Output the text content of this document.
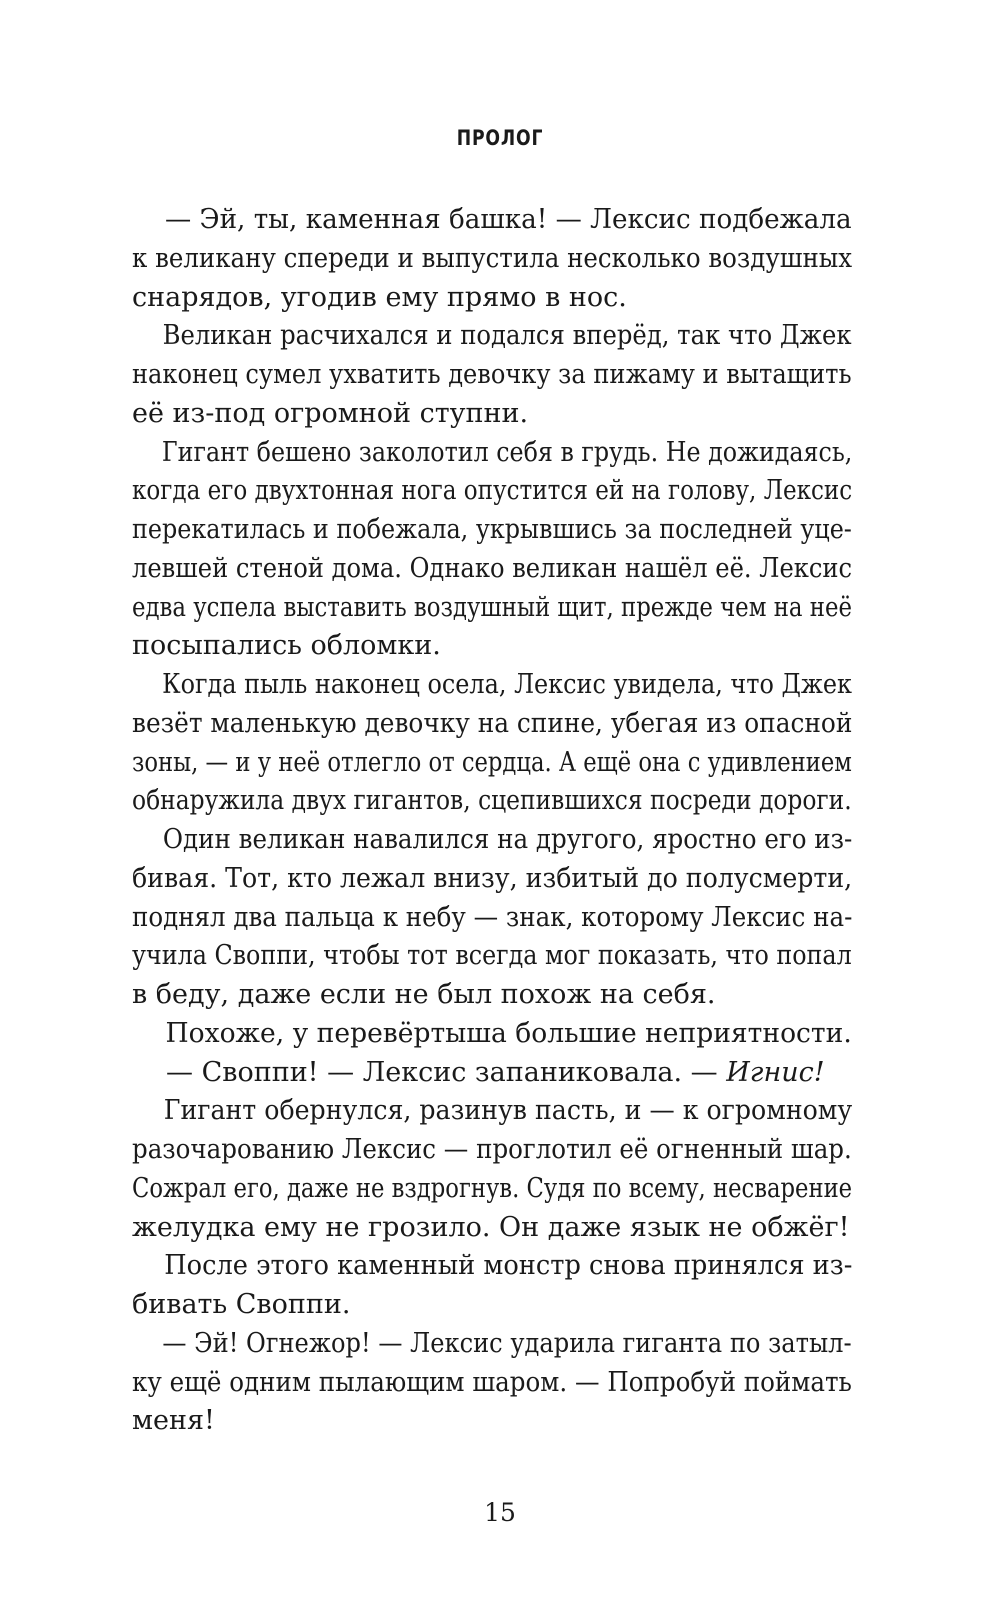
ПРОЛОГ
— Эй, ты, каменная башка! — Лексис подбежала
к великану спереди и выпустила несколько воздушных
снарядов, угодив ему прямо в нос.
Великан расчихался и подался вперёд, так что Джек
наконец сумел ухватить девочку за пижаму и вытащить
её из-под огромной ступни.
Гигант бешено заколотил себя в грудь. Не дожидаясь,
когда его двухтонная нога опустится ей на голову, Лексис
перекатилась и побежала, укрывшись за последней уце-
левшей стеной дома. Однако великан нашёл её. Лексис
едва успела выставить воздушный щит, прежде чем на неё
посыпались обломки.
Когда пыль наконец осела, Лексис увидела, что Джек
везёт маленькую девочку на спине, убегая из опасной
зоны, — и у неё отлегло от сердца. А ещё она с удивлением
обнаружила двух гигантов, сцепившихся посреди дороги.
Один великан навалился на другого, яростно его из-
бивая. Тот, кто лежал внизу, избитый до полусмерти,
поднял два пальца к небу — знак, которому Лексис на-
учила Своппи, чтобы тот всегда мог показать, что попал
в беду, даже если не был похож на себя.
Похоже, у перевёртыша большие неприятности.
— Своппи! — Лексис запаниковала. — Игнис!
Гигант обернулся, разинув пасть, и — к огромному
разочарованию Лексис — проглотил её огненный шар.
Сожрал его, даже не вздрогнув. Судя по всему, несварение
желудка ему не грозило. Он даже язык не обжёг!
После этого каменный монстр снова принялся из-
бивать Своппи.
— Эй! Огнежор! — Лексис ударила гиганта по затыл-
ку ещё одним пылающим шаром. — Попробуй поймать
меня!
15
